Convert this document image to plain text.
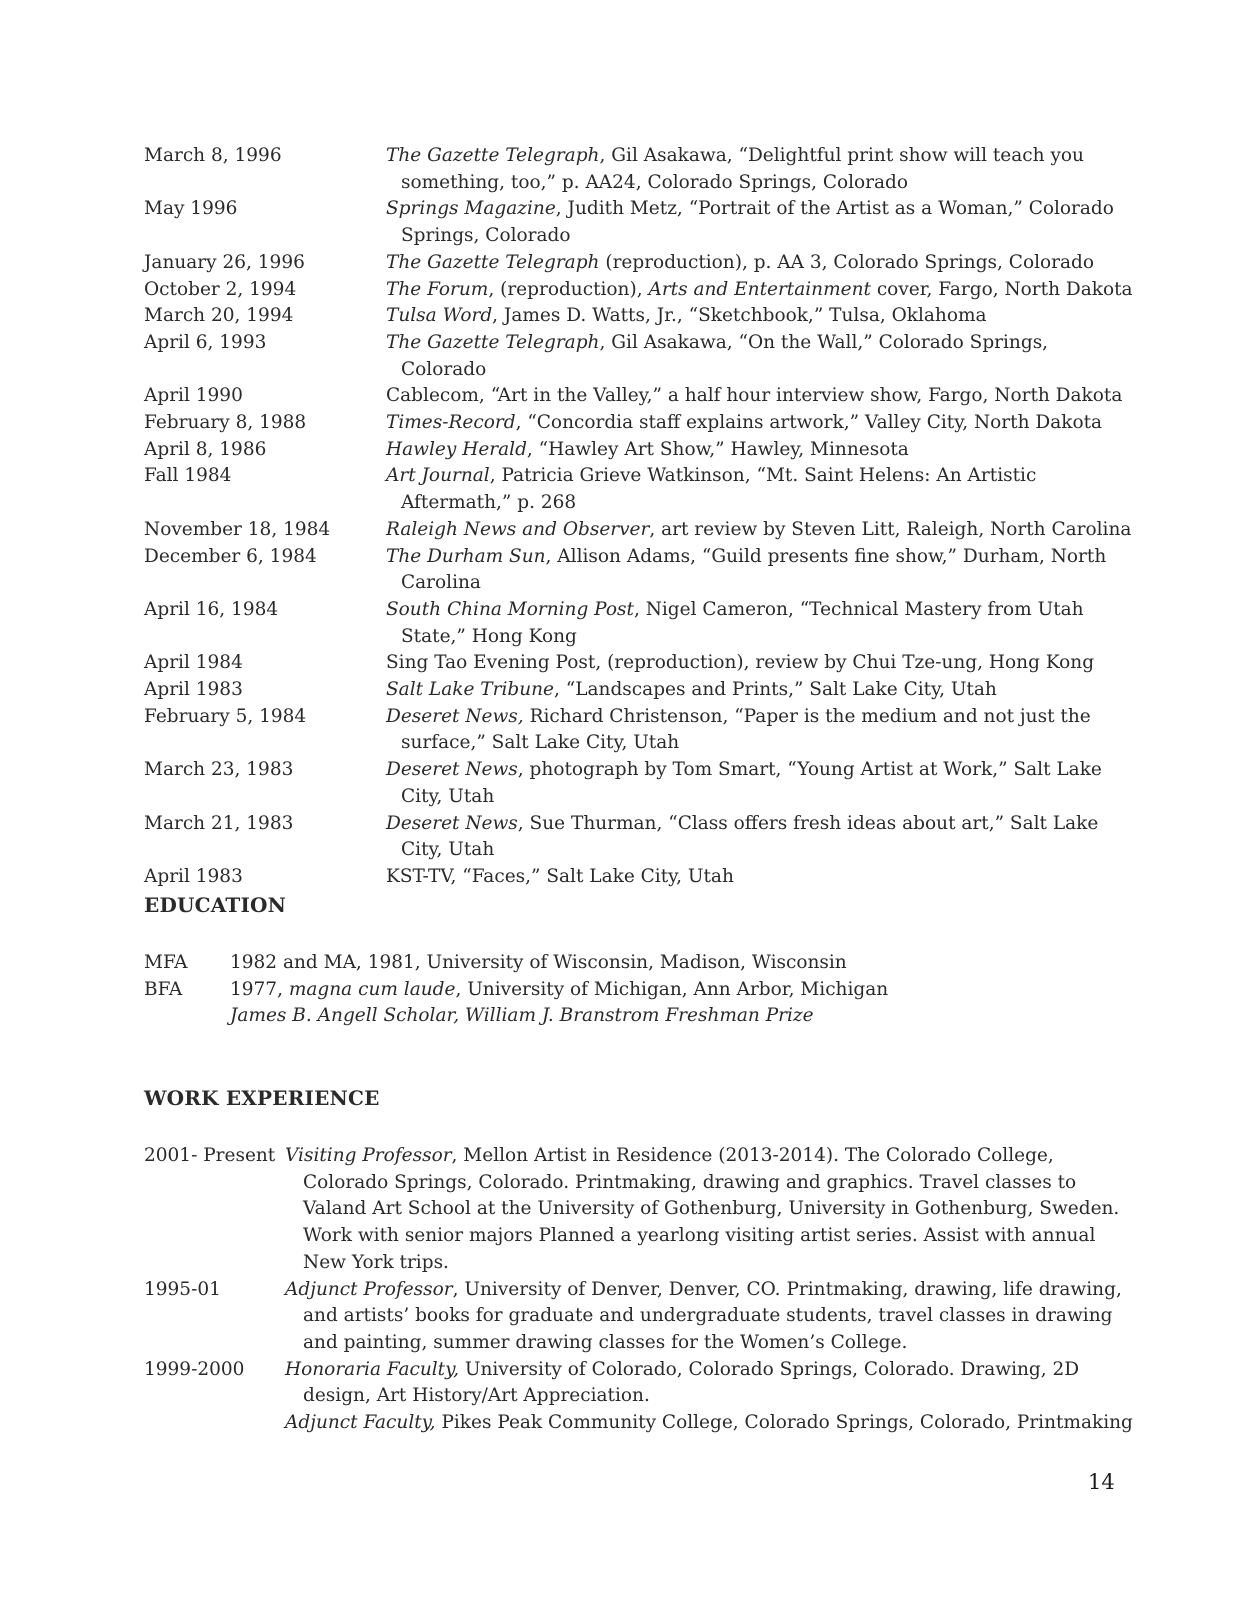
March 8, 1996	The Gazette Telegraph, Gil Asakawa, “Delightful print show will teach you something, too,” p. AA24, Colorado Springs, Colorado
May 1996	Springs Magazine, Judith Metz, “Portrait of the Artist as a Woman,” Colorado Springs, Colorado
January 26, 1996	The Gazette Telegraph (reproduction), p. AA 3, Colorado Springs, Colorado
October 2, 1994	The Forum, (reproduction), Arts and Entertainment cover, Fargo, North Dakota
March 20, 1994	Tulsa Word, James D. Watts, Jr., “Sketchbook,” Tulsa, Oklahoma
April 6, 1993	The Gazette Telegraph, Gil Asakawa, “On the Wall,” Colorado Springs, Colorado
April 1990	Cablecom, “Art in the Valley,” a half hour interview show, Fargo, North Dakota
February 8, 1988	Times-Record, “Concordia staff explains artwork,” Valley City, North Dakota
April 8, 1986	Hawley Herald, “Hawley Art Show,” Hawley, Minnesota
Fall 1984	Art Journal, Patricia Grieve Watkinson, “Mt. Saint Helens: An Artistic Aftermath,” p. 268
November 18, 1984	Raleigh News and Observer, art review by Steven Litt, Raleigh, North Carolina
December 6, 1984	The Durham Sun, Allison Adams, “Guild presents fine show,” Durham, North Carolina
April 16, 1984	South China Morning Post, Nigel Cameron, “Technical Mastery from Utah State,” Hong Kong
April 1984	Sing Tao Evening Post, (reproduction), review by Chui Tze-ung, Hong Kong
April 1983	Salt Lake Tribune, “Landscapes and Prints,” Salt Lake City, Utah
February 5, 1984	Deseret News, Richard Christenson, “Paper is the medium and not just the surface,” Salt Lake City, Utah
March 23, 1983	Deseret News, photograph by Tom Smart, “Young Artist at Work,” Salt Lake City, Utah
March 21, 1983	Deseret News, Sue Thurman, “Class offers fresh ideas about art,” Salt Lake City, Utah
April 1983	KST-TV, “Faces,” Salt Lake City, Utah
EDUCATION
MFA	1982 and MA, 1981, University of Wisconsin, Madison, Wisconsin
BFA	1977, magna cum laude, University of Michigan, Ann Arbor, Michigan
James B. Angell Scholar, William J. Branstrom Freshman Prize
WORK EXPERIENCE
2001- Present Visiting Professor, Mellon Artist in Residence (2013-2014). The Colorado College, Colorado Springs, Colorado. Printmaking, drawing and graphics. Travel classes to Valand Art School at the University of Gothenburg, University in Gothenburg, Sweden. Work with senior majors Planned a yearlong visiting artist series. Assist with annual New York trips.
1995-01	Adjunct Professor, University of Denver, Denver, CO. Printmaking, drawing, life drawing, and artists’ books for graduate and undergraduate students, travel classes in drawing and painting, summer drawing classes for the Women’s College.
1999-2000	Honoraria Faculty, University of Colorado, Colorado Springs, Colorado. Drawing, 2D design, Art History/Art Appreciation.
Adjunct Faculty, Pikes Peak Community College, Colorado Springs, Colorado, Printmaking
14
